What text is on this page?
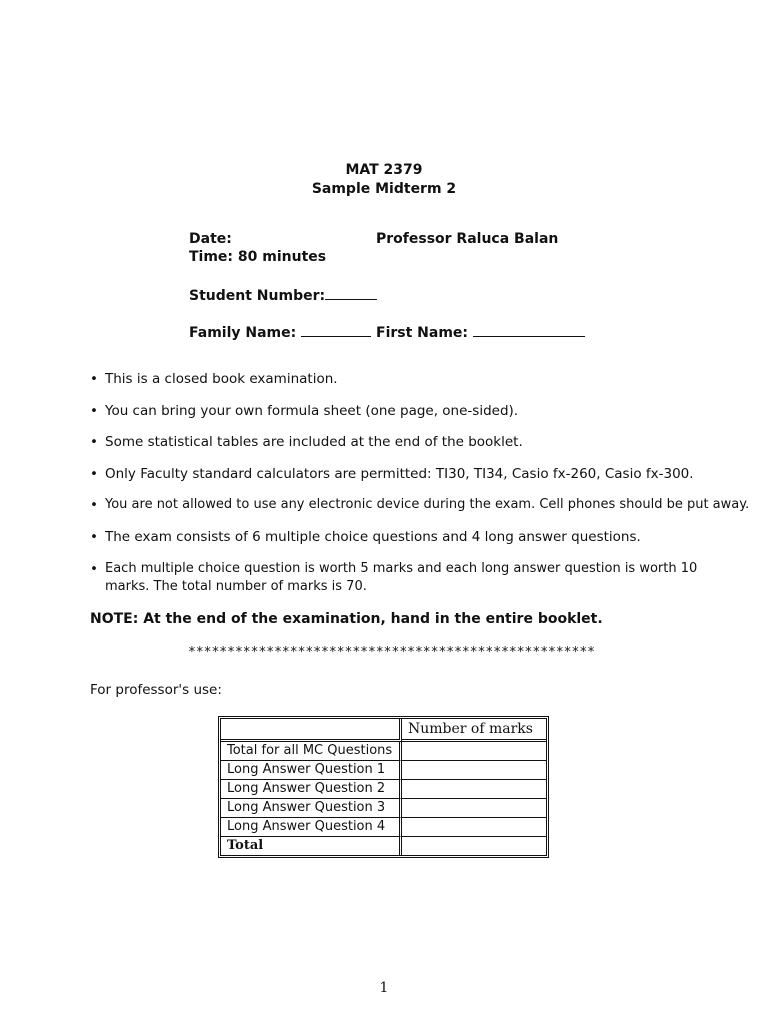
MAT 2379
Sample Midterm 2
Date:	Professor Raluca Balan
Time: 80 minutes
Student Number:
Family Name:	First Name:
• This is a closed book examination.
• You can bring your own formula sheet (one page, one-sided).
• Some statistical tables are included at the end of the booklet.
• Only Faculty standard calculators are permitted: TI30, TI34, Casio fx-260, Casio fx-300.
• You are not allowed to use any electronic device during the exam. Cell phones should be put away.
• The exam consists of 6 multiple choice questions and 4 long answer questions.
• Each multiple choice question is worth 5 marks and each long answer question is worth 10 marks. The total number of marks is 70.
NOTE: At the end of the examination, hand in the entire booklet.
****************************************************
For professor's use:
	Number of marks
Total for all MC Questions	
Long Answer Question 1	
Long Answer Question 2	
Long Answer Question 3	
Long Answer Question 4	
Total	
1
